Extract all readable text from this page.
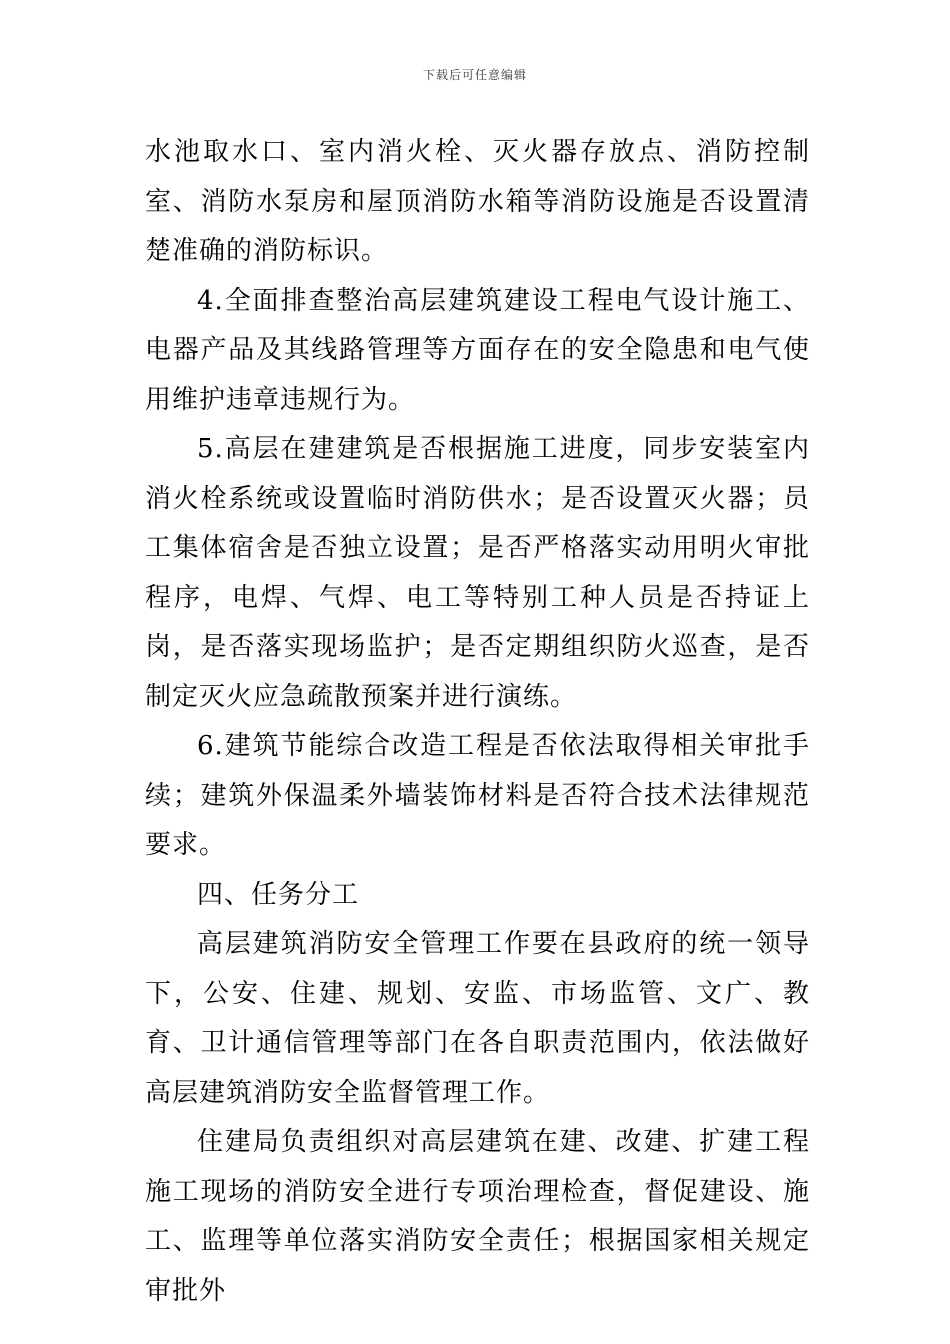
下载后可任意编辑

水池取水口、室内消火栓、灭火器存放点、消防控制室、消防水泵房和屋顶消防水箱等消防设施是否设置清楚准确的消防标识。

4.全面排查整治高层建筑建设工程电气设计施工、电器产品及其线路管理等方面存在的安全隐患和电气使用维护违章违规行为。

5.高层在建建筑是否根据施工进度，同步安装室内消火栓系统或设置临时消防供水；是否设置灭火器；员工集体宿舍是否独立设置；是否严格落实动用明火审批程序，电焊、气焊、电工等特别工种人员是否持证上岗，是否落实现场监护；是否定期组织防火巡查，是否制定灭火应急疏散预案并进行演练。

6.建筑节能综合改造工程是否依法取得相关审批手续；建筑外保温柔外墙装饰材料是否符合技术法律规范要求。

四、任务分工

高层建筑消防安全管理工作要在县政府的统一领导下，公安、住建、规划、安监、市场监管、文广、教育、卫计通信管理等部门在各自职责范围内，依法做好高层建筑消防安全监督管理工作。

住建局负责组织对高层建筑在建、改建、扩建工程施工现场的消防安全进行专项治理检查，督促建设、施工、监理等单位落实消防安全责任；根据国家相关规定审批外
